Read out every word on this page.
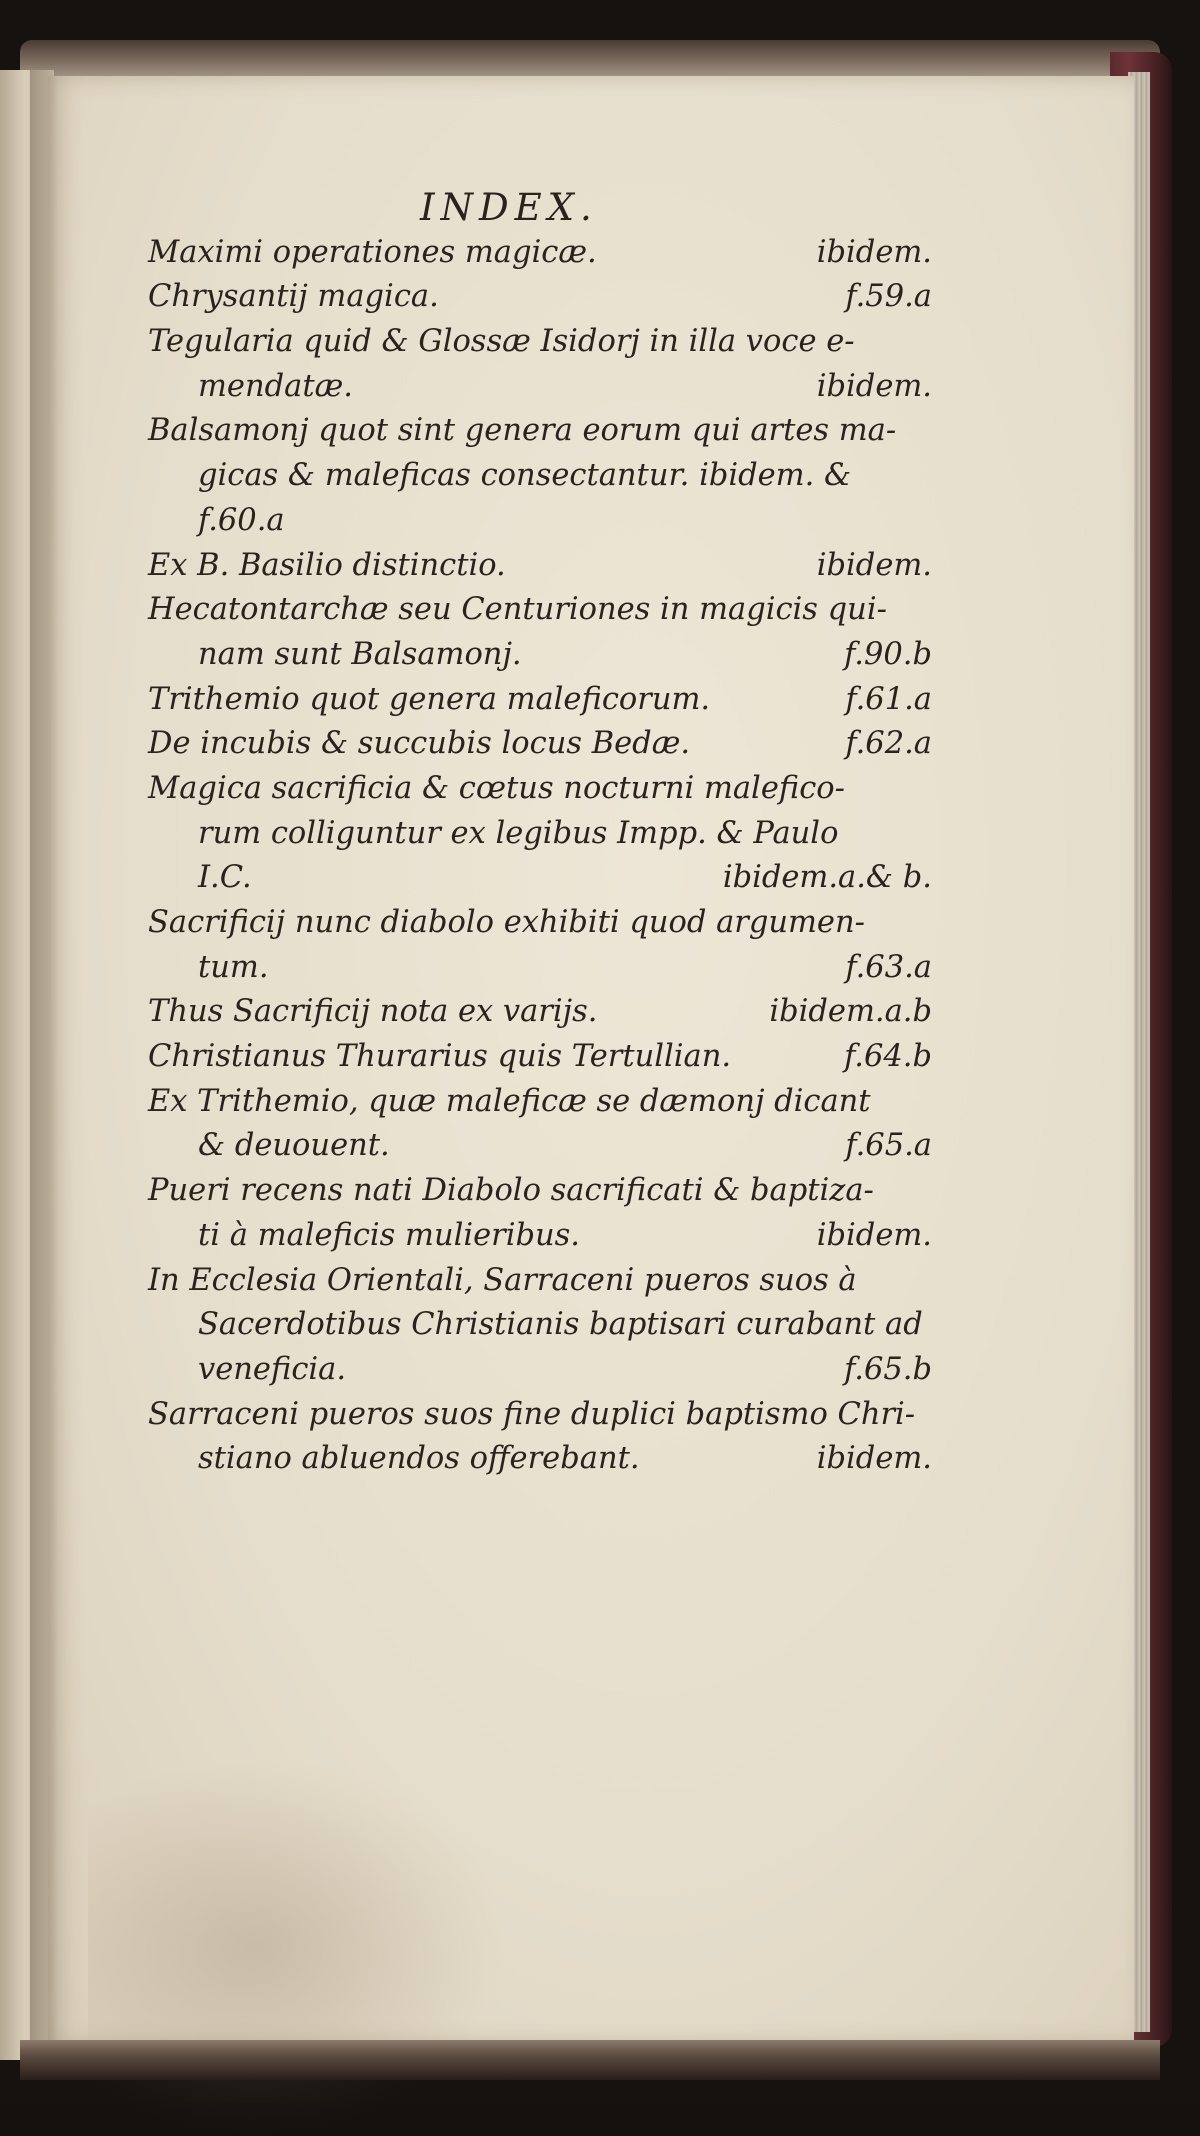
INDEX.
Maximi operationes magicæ.	ibidem.
Chrysantij magica.	f.59.a
Tegularia quid & Glossæ Isidorj in illa voce e-
mendatæ.	ibidem.
Balsamonj quot sint genera eorum qui artes ma-
gicas & maleficas consectantur. ibidem. &
f.60.a
Ex B. Basilio distinctio.	ibidem.
Hecatontarchæ seu Centuriones in magicis qui-
nam sunt Balsamonj.	f.90.b
Trithemio quot genera maleficorum.	f.61.a
De incubis & succubis locus Bedæ.	f.62.a
Magica sacrificia & cœtus nocturni malefico-
rum colliguntur ex legibus Impp. & Paulo
I.C.	ibidem.a.& b.
Sacrificij nunc diabolo exhibiti quod argumen-
tum.	f.63.a
Thus Sacrificij nota ex varijs.	ibidem.a.b
Christianus Thurarius quis Tertullian.	f.64.b
Ex Trithemio, quæ maleficæ se dæmonj dicant
& deuouent.	f.65.a
Pueri recens nati Diabolo sacrificati & baptiza-
ti à maleficis mulieribus.	ibidem.
In Ecclesia Orientali, Sarraceni pueros suos à
Sacerdotibus Christianis baptisari curabant ad
veneficia.	f.65.b
Sarraceni pueros suos fine duplici baptismo Chri-
stiano abluendos offerebant.	ibidem.
